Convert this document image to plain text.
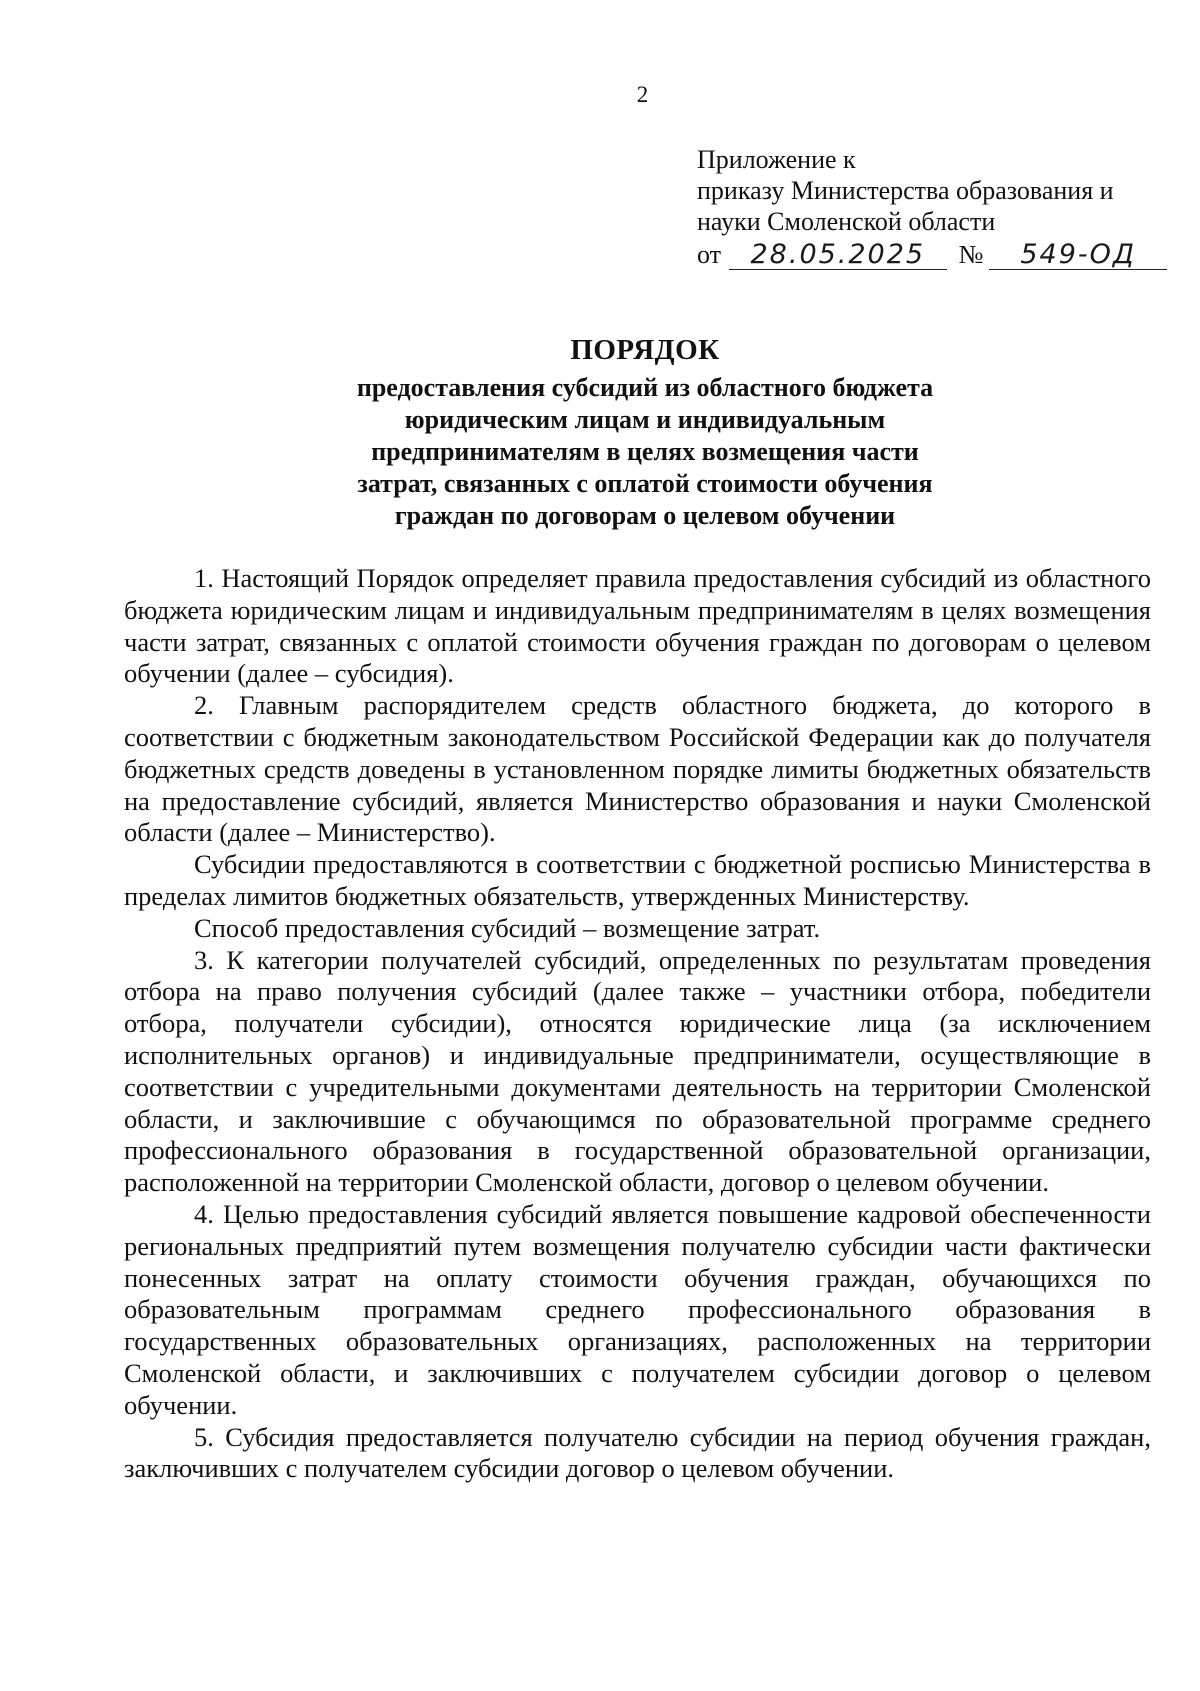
2
Приложение к
приказу Министерства образования и
науки Смоленской области
от	28.05.2025	№	549-ОД
ПОРЯДОК
предоставления субсидий из областного бюджета
юридическим лицам и индивидуальным
предпринимателям в целях возмещения части
затрат, связанных с оплатой стоимости обучения
граждан по договорам о целевом обучении

1. Настоящий Порядок определяет правила предоставления субсидий из областного бюджета юридическим лицам и индивидуальным предпринимателям в целях возмещения части затрат, связанных с оплатой стоимости обучения граждан по договорам о целевом обучении (далее – субсидия).

2. Главным распорядителем средств областного бюджета, до которого в соответствии с бюджетным законодательством Российской Федерации как до получателя бюджетных средств доведены в установленном порядке лимиты бюджетных обязательств на предоставление субсидий, является Министерство образования и науки Смоленской области (далее – Министерство).

Субсидии предоставляются в соответствии с бюджетной росписью Министерства в пределах лимитов бюджетных обязательств, утвержденных Министерству.

Способ предоставления субсидий – возмещение затрат.

3. К категории получателей субсидий, определенных по результатам проведения отбора на право получения субсидий (далее также – участники отбора, победители отбора, получатели субсидии), относятся юридические лица (за исключением исполнительных органов) и индивидуальные предприниматели, осуществляющие в соответствии с учредительными документами деятельность на территории Смоленской области, и заключившие с обучающимся по образовательной программе среднего профессионального образования в государственной образовательной организации, расположенной на территории Смоленской области, договор о целевом обучении.

4. Целью предоставления субсидий является повышение кадровой обеспеченности региональных предприятий путем возмещения получателю субсидии части фактически понесенных затрат на оплату стоимости обучения граждан, обучающихся по образовательным программам среднего профессионального образования в государственных образовательных организациях, расположенных на территории Смоленской области, и заключивших с получателем субсидии договор о целевом обучении.

5. Субсидия предоставляется получателю субсидии на период обучения граждан, заключивших с получателем субсидии договор о целевом обучении.
